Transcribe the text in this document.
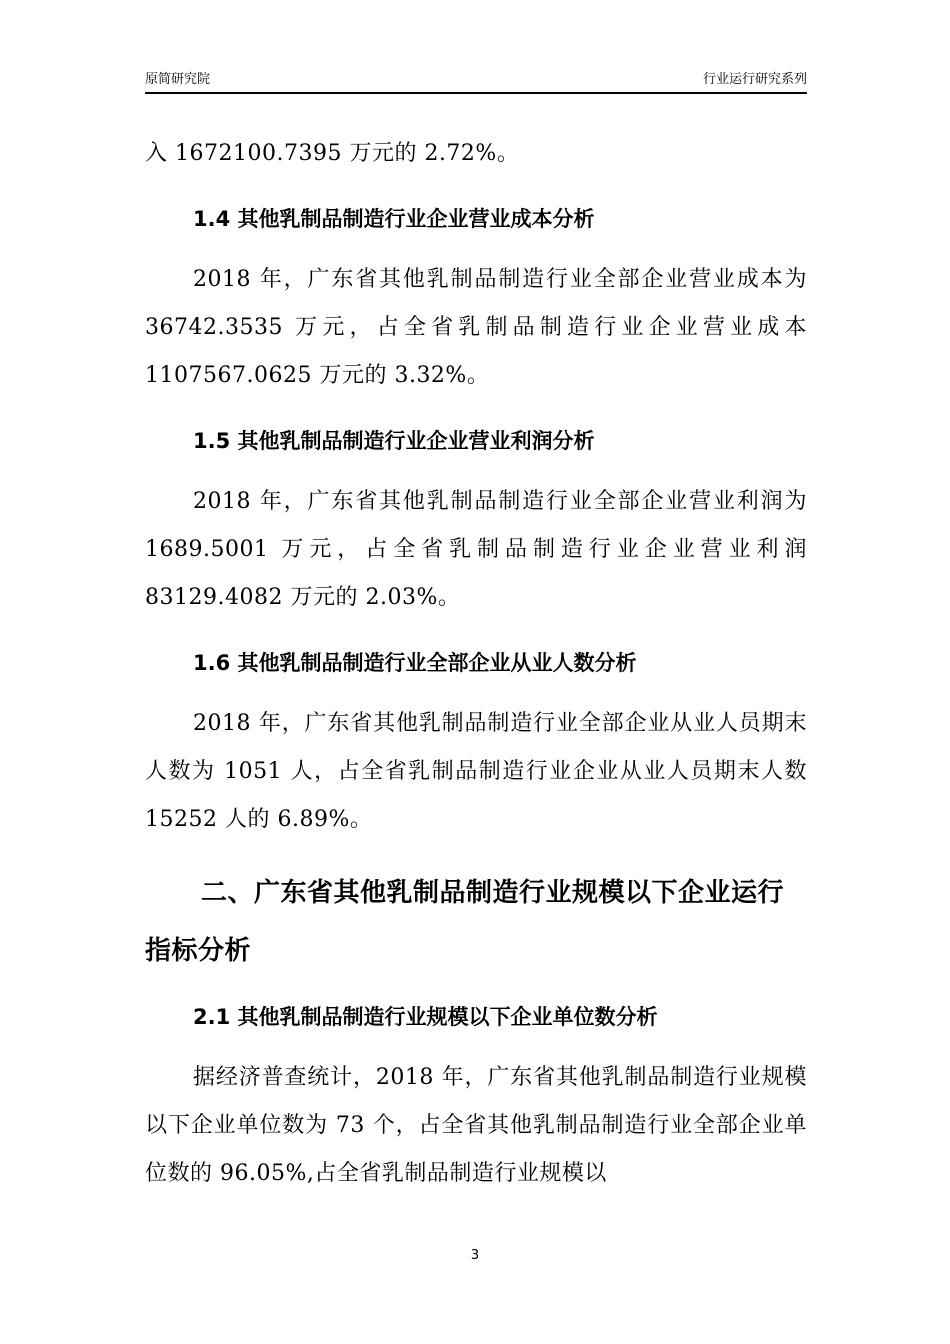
原简研究院	行业运行研究系列

入 1672100.7395 万元的 2.72%。

1.4 其他乳制品制造行业企业营业成本分析

2018 年，广东省其他乳制品制造行业全部企业营业成本为 36742.3535 万元，占全省乳制品制造行业企业营业成本 1107567.0625 万元的 3.32%。

1.5 其他乳制品制造行业企业营业利润分析

2018 年，广东省其他乳制品制造行业全部企业营业利润为 1689.5001 万元，占全省乳制品制造行业企业营业利润 83129.4082 万元的 2.03%。

1.6 其他乳制品制造行业全部企业从业人数分析

2018 年，广东省其他乳制品制造行业全部企业从业人员期末人数为 1051 人，占全省乳制品制造行业企业从业人员期末人数 15252 人的 6.89%。

二、广东省其他乳制品制造行业规模以下企业运行指标分析
2.1 其他乳制品制造行业规模以下企业单位数分析

据经济普查统计，2018 年，广东省其他乳制品制造行业规模以下企业单位数为 73 个，占全省其他乳制品制造行业全部企业单位数的 96.05%,占全省乳制品制造行业规模以

3
